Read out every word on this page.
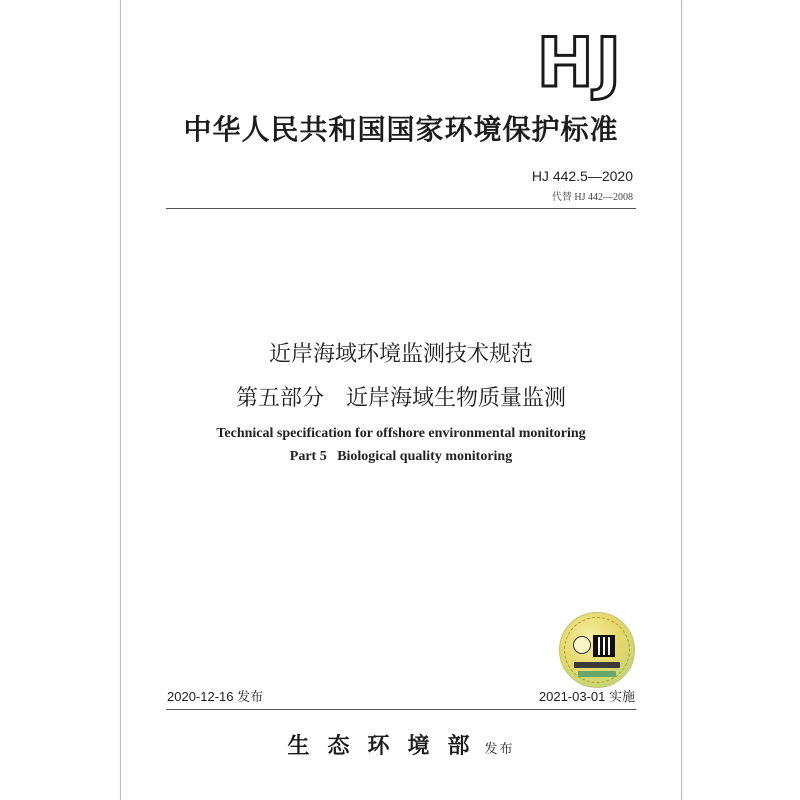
HJ
中华人民共和国国家环境保护标准
HJ 442.5—2020
代替 HJ 442—2008
近岸海域环境监测技术规范
第五部分　近岸海域生物质量监测
Technical specification for offshore environmental monitoring
Part 5   Biological quality monitoring
2020-12-16 发布	2021-03-01 实施
生态环境部 发布
